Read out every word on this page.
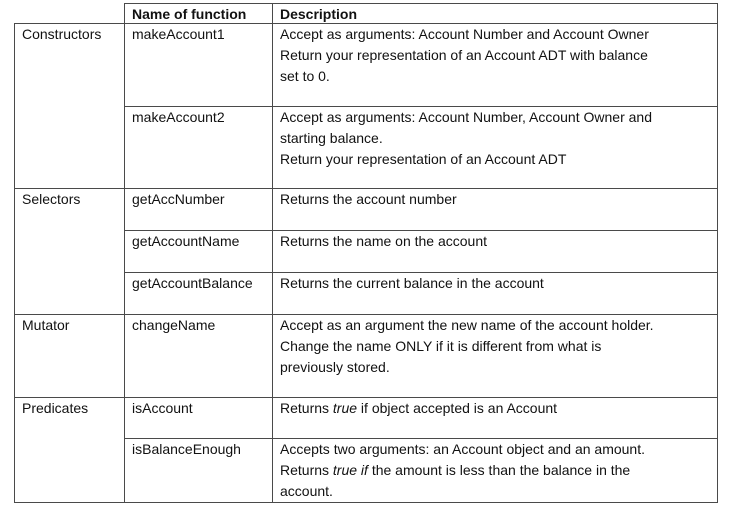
	Name of function	Description
Constructors	makeAccount1	Accept as arguments: Account Number and Account Owner
Return your representation of an Account ADT with balance
set to 0.

	makeAccount2	Accept as arguments: Account Number, Account Owner and
starting balance.
Return your representation of an Account ADT

Selectors	getAccNumber	Returns the account number

	getAccountName	Returns the name on the account

	getAccountBalance	Returns the current balance in the account

Mutator	changeName	Accept as an argument the new name of the account holder.
Change the name ONLY if it is different from what is
previously stored.

Predicates	isAccount	Returns true if object accepted is an Account

	isBalanceEnough	Accepts two arguments: an Account object and an amount.
Returns true if the amount is less than the balance in the
account.
